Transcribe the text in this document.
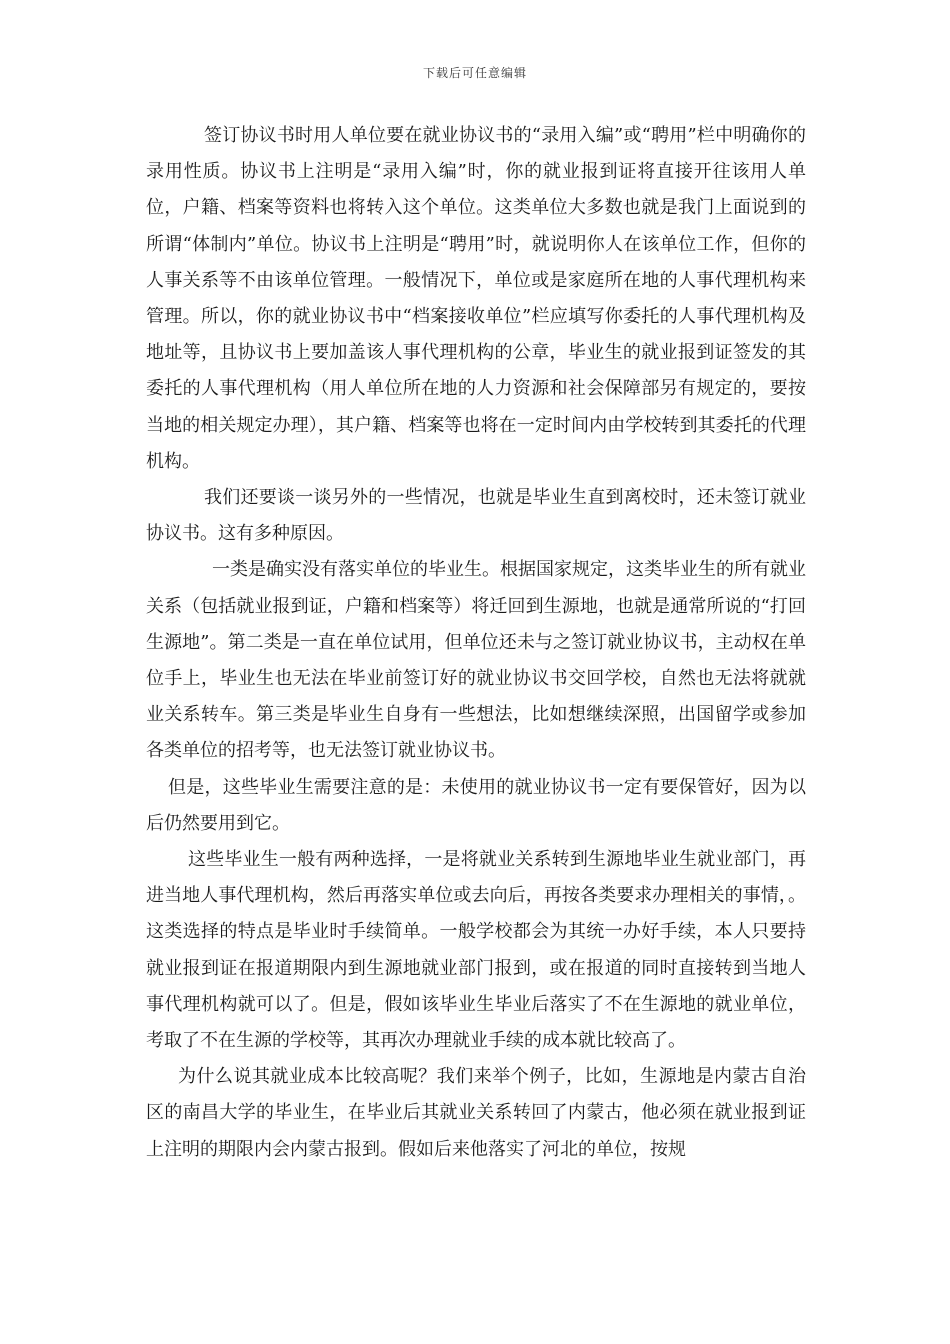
下载后可任意编辑

签订协议书时用人单位要在就业协议书的“录用入编”或“聘用”栏中明确你的录用性质。协议书上注明是“录用入编”时，你的就业报到证将直接开往该用人单位，户籍、档案等资料也将转入这个单位。这类单位大多数也就是我门上面说到的所谓“体制内”单位。协议书上注明是“聘用”时，就说明你人在该单位工作，但你的人事关系等不由该单位管理。一般情况下，单位或是家庭所在地的人事代理机构来管理。所以，你的就业协议书中“档案接收单位”栏应填写你委托的人事代理机构及地址等，且协议书上要加盖该人事代理机构的公章，毕业生的就业报到证签发的其委托的人事代理机构（用人单位所在地的人力资源和社会保障部另有规定的，要按当地的相关规定办理），其户籍、档案等也将在一定时间内由学校转到其委托的代理机构。

我们还要谈一谈另外的一些情况，也就是毕业生直到离校时，还未签订就业协议书。这有多种原因。

一类是确实没有落实单位的毕业生。根据国家规定，这类毕业生的所有就业关系（包括就业报到证，户籍和档案等）将迁回到生源地，也就是通常所说的“打回生源地”。第二类是一直在单位试用，但单位还未与之签订就业协议书，主动权在单位手上，毕业生也无法在毕业前签订好的就业协议书交回学校，自然也无法将就就业关系转车。第三类是毕业生自身有一些想法，比如想继续深照，出国留学或参加各类单位的招考等，也无法签订就业协议书。

但是，这些毕业生需要注意的是：未使用的就业协议书一定有要保管好，因为以后仍然要用到它。

这些毕业生一般有两种选择，一是将就业关系转到生源地毕业生就业部门，再进当地人事代理机构，然后再落实单位或去向后，再按各类要求办理相关的事情，。这类选择的特点是毕业时手续简单。一般学校都会为其统一办好手续，本人只要持就业报到证在报道期限内到生源地就业部门报到，或在报道的同时直接转到当地人事代理机构就可以了。但是，假如该毕业生毕业后落实了不在生源地的就业单位，考取了不在生源的学校等，其再次办理就业手续的成本就比较高了。

为什么说其就业成本比较高呢？我们来举个例子，比如，生源地是内蒙古自治区的南昌大学的毕业生，在毕业后其就业关系转回了内蒙古，他必须在就业报到证上注明的期限内会内蒙古报到。假如后来他落实了河北的单位，按规
